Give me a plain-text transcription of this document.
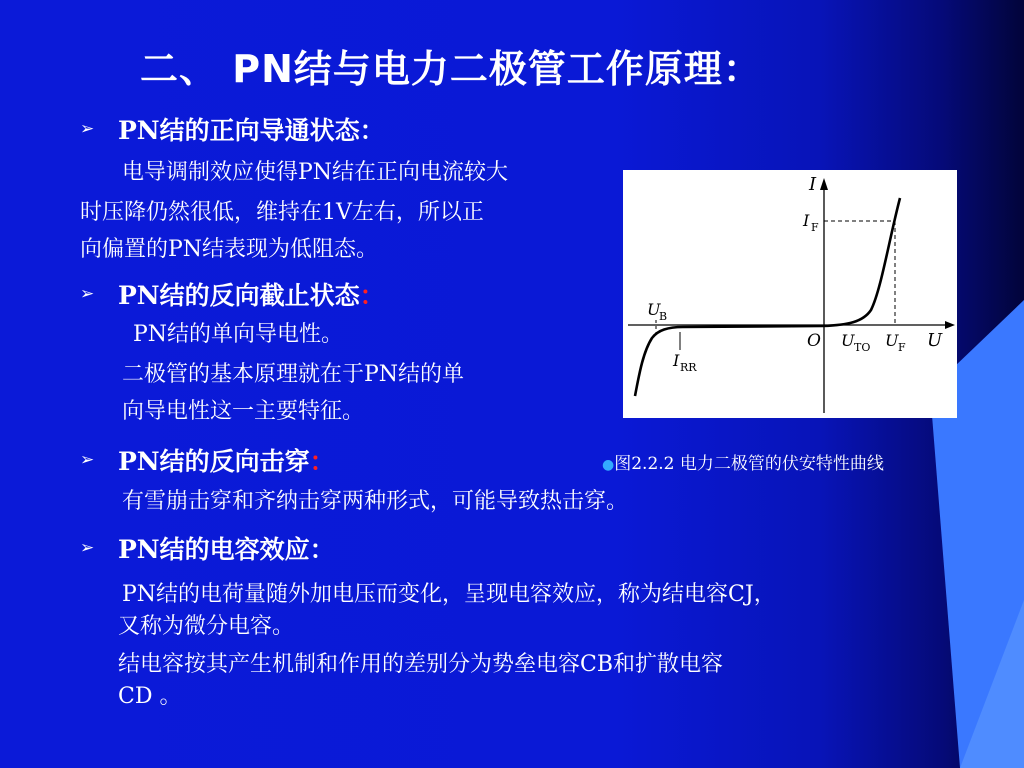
二、 PN结与电力二极管工作原理：
➢ PN结的正向导通状态：
电导调制效应使得PN结在正向电流较大
时压降仍然很低，维持在1V左右，所以正
向偏置的PN结表现为低阻态。
➢ PN结的反向截止状态：
PN结的单向导电性。
二极管的基本原理就在于PN结的单
向导电性这一主要特征。
➢ PN结的反向击穿：
有雪崩击穿和齐纳击穿两种形式，可能导致热击穿。
➢ PN结的电容效应：
PN结的电荷量随外加电压而变化，呈现电容效应，称为结电容CJ，
又称为微分电容。
结电容按其产生机制和作用的差别分为势垒电容CB和扩散电容
CD 。
I
U
O
I F
U
B
I RR
U TO U F
●图2.2.2 电力二极管的伏安特性曲线
